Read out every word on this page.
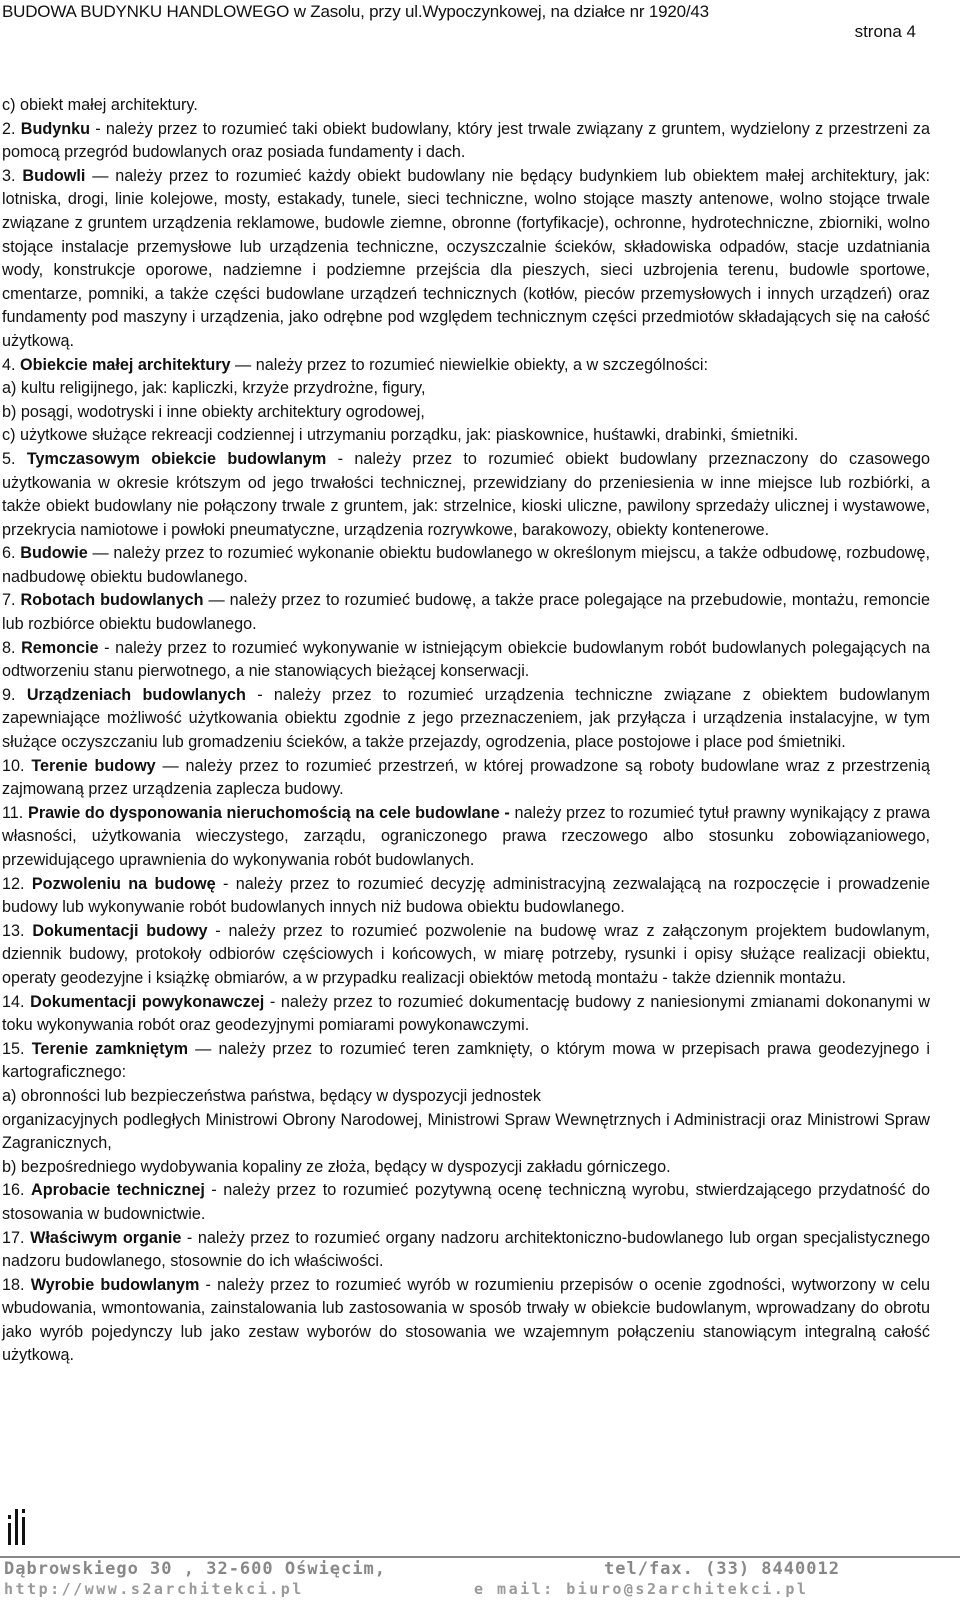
BUDOWA BUDYNKU HANDLOWEGO w Zasolu, przy ul.Wypoczynkowej, na działce nr 1920/43
strona 4

c) obiekt małej architektury.

2. Budynku - należy przez to rozumieć taki obiekt budowlany, który jest trwale związany z gruntem, wydzielony z przestrzeni za pomocą przegród budowlanych oraz posiada fundamenty i dach.

3. Budowli — należy przez to rozumieć każdy obiekt budowlany nie będący budynkiem lub obiektem małej architektury, jak: lotniska, drogi, linie kolejowe, mosty, estakady, tunele, sieci techniczne, wolno stojące maszty antenowe, wolno stojące trwale związane z gruntem urządzenia reklamowe, budowle ziemne, obronne (fortyfikacje), ochronne, hydrotechniczne, zbiorniki, wolno stojące instalacje przemysłowe lub urządzenia techniczne, oczyszczalnie ścieków, składowiska odpadów, stacje uzdatniania wody, konstrukcje oporowe, nadziemne i podziemne przejścia dla pieszych, sieci uzbrojenia terenu, budowle sportowe, cmentarze, pomniki, a także części budowlane urządzeń technicznych (kotłów, pieców przemysłowych i innych urządzeń) oraz fundamenty pod maszyny i urządzenia, jako odrębne pod względem technicznym części przedmiotów składających się na całość użytkową.

4. Obiekcie małej architektury — należy przez to rozumieć niewielkie obiekty, a w szczególności:

a) kultu religijnego, jak: kapliczki, krzyże przydrożne, figury,

b) posągi, wodotryski i inne obiekty architektury ogrodowej,

c) użytkowe służące rekreacji codziennej i utrzymaniu porządku, jak: piaskownice, huśtawki, drabinki, śmietniki.

5. Tymczasowym obiekcie budowlanym - należy przez to rozumieć obiekt budowlany przeznaczony do czasowego użytkowania w okresie krótszym od jego trwałości technicznej, przewidziany do przeniesienia w inne miejsce lub rozbiórki, a także obiekt budowlany nie połączony trwale z gruntem, jak: strzelnice, kioski uliczne, pawilony sprzedaży ulicznej i wystawowe, przekrycia namiotowe i powłoki pneumatyczne, urządzenia rozrywkowe, barakowozy, obiekty kontenerowe.

6. Budowie — należy przez to rozumieć wykonanie obiektu budowlanego w określonym miejscu, a także odbudowę, rozbudowę, nadbudowę obiektu budowlanego.

7. Robotach budowlanych — należy przez to rozumieć budowę, a także prace polegające na przebudowie, montażu, remoncie lub rozbiórce obiektu budowlanego.

8. Remoncie - należy przez to rozumieć wykonywanie w istniejącym obiekcie budowlanym robót budowlanych polegających na odtworzeniu stanu pierwotnego, a nie stanowiących bieżącej konserwacji.

9. Urządzeniach budowlanych - należy przez to rozumieć urządzenia techniczne związane z obiektem budowlanym zapewniające możliwość użytkowania obiektu zgodnie z jego przeznaczeniem, jak przyłącza i urządzenia instalacyjne, w tym służące oczyszczaniu lub gromadzeniu ścieków, a także przejazdy, ogrodzenia, place postojowe i place pod śmietniki.

10. Terenie budowy — należy przez to rozumieć przestrzeń, w której prowadzone są roboty budowlane wraz z przestrzenią zajmowaną przez urządzenia zaplecza budowy.

11. Prawie do dysponowania nieruchomością na cele budowlane - należy przez to rozumieć tytuł prawny wynikający z prawa własności, użytkowania wieczystego, zarządu, ograniczonego prawa rzeczowego albo stosunku zobowiązaniowego, przewidującego uprawnienia do wykonywania robót budowlanych.

12. Pozwoleniu na budowę - należy przez to rozumieć decyzję administracyjną zezwalającą na rozpoczęcie i prowadzenie budowy lub wykonywanie robót budowlanych innych niż budowa obiektu budowlanego.

13. Dokumentacji budowy - należy przez to rozumieć pozwolenie na budowę wraz z załączonym projektem budowlanym, dziennik budowy, protokoły odbiorów częściowych i końcowych, w miarę potrzeby, rysunki i opisy służące realizacji obiektu, operaty geodezyjne i książkę obmiarów, a w przypadku realizacji obiektów metodą montażu - także dziennik montażu.

14. Dokumentacji powykonawczej - należy przez to rozumieć dokumentację budowy z naniesionymi zmianami dokonanymi w toku wykonywania robót oraz geodezyjnymi pomiarami powykonawczymi.

15. Terenie zamkniętym — należy przez to rozumieć teren zamknięty, o którym mowa w przepisach prawa geodezyjnego i kartograficznego:

a) obronności lub bezpieczeństwa państwa, będący w dyspozycji jednostek

organizacyjnych podległych Ministrowi Obrony Narodowej, Ministrowi Spraw Wewnętrznych i Administracji oraz Ministrowi Spraw Zagranicznych,

b) bezpośredniego wydobywania kopaliny ze złoża, będący w dyspozycji zakładu górniczego.

16. Aprobacie technicznej - należy przez to rozumieć pozytywną ocenę techniczną wyrobu, stwierdzającego przydatność do stosowania w budownictwie.

17. Właściwym organie - należy przez to rozumieć organy nadzoru architektoniczno-budowlanego lub organ specjalistycznego nadzoru budowlanego, stosownie do ich właściwości.

18. Wyrobie budowlanym - należy przez to rozumieć wyrób w rozumieniu przepisów o ocenie zgodności, wytworzony w celu wbudowania, wmontowania, zainstalowania lub zastosowania w sposób trwały w obiekcie budowlanym, wprowadzany do obrotu jako wyrób pojedynczy lub jako zestaw wyborów do stosowania we wzajemnym połączeniu stanowiącym integralną całość użytkową.

Dąbrowskiego 30 , 32-600 Oświęcim,	tel/fax. (33) 8440012
http://www.s2architekci.pl	e mail: biuro@s2architekci.pl
